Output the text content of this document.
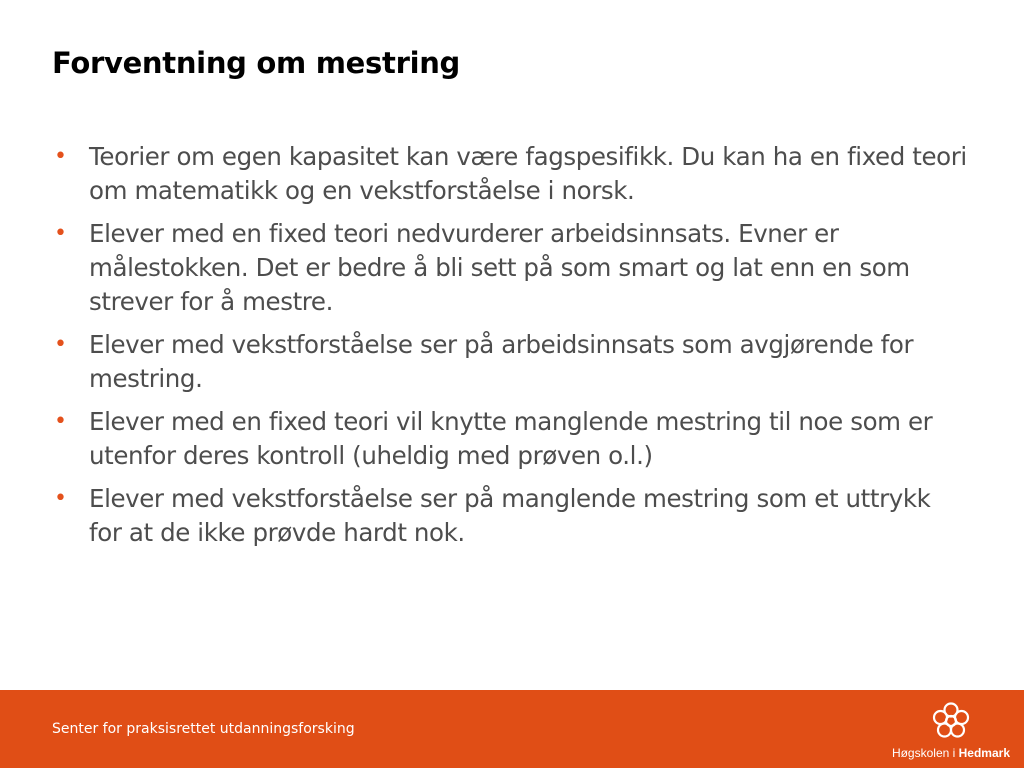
Forventning om mestring
• Teorier om egen kapasitet kan være fagspesifikk. Du kan ha en fixed teori om matematikk og en vekstforståelse i norsk.
• Elever med en fixed teori nedvurderer arbeidsinnsats. Evner er målestokken. Det er bedre å bli sett på som smart og lat enn en som strever for å mestre.
• Elever med vekstforståelse ser på arbeidsinnsats som avgjørende for mestring.
• Elever med en fixed teori vil knytte manglende mestring til noe som er utenfor deres kontroll (uheldig med prøven o.l.)
• Elever med vekstforståelse ser på manglende mestring som et uttrykk for at de ikke prøvde hardt nok.
Senter for praksisrettet utdanningsforsking
Høgskolen i Hedmark
